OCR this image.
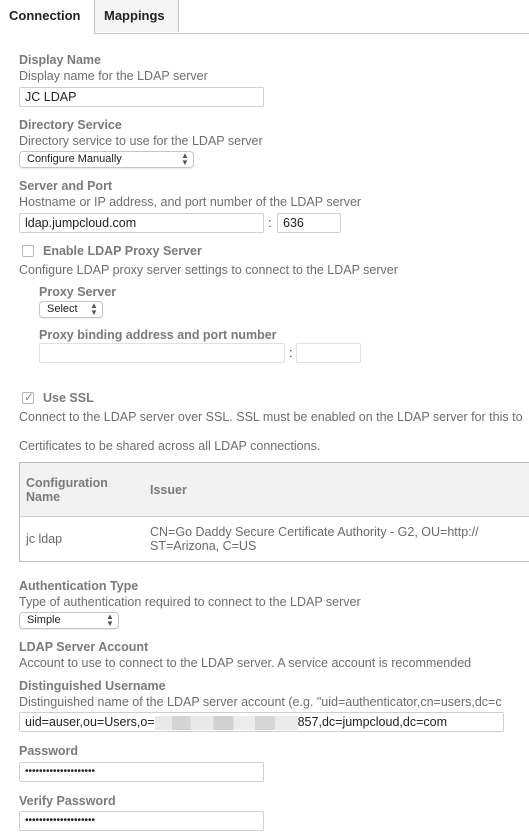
Connection	Mappings
Display Name
Display name for the LDAP server
JC LDAP
Directory Service
Directory service to use for the LDAP server
Configure Manually	▲
▼
Server and Port
Hostname or IP address, and port number of the LDAP server
ldap.jumpcloud.com	: 636
Enable LDAP Proxy Server
Configure LDAP proxy server settings to connect to the LDAP server
Proxy Server
Select ▲
▼
Proxy binding address and port number
:
✓ Use SSL
Connect to the LDAP server over SSL. SSL must be enabled on the LDAP server for this to
Certificates to be shared across all LDAP connections.
Configuration Name	Issuer
jc ldap	CN=Go Daddy Secure Certificate Authority - G2, OU=http://
ST=Arizona, C=US
Authentication Type
Type of authentication required to connect to the LDAP server
Simple	▲
▼
LDAP Server Account
Account to use to connect to the LDAP server. A service account is recommended
Distinguished Username
Distinguished name of the LDAP server account (e.g. "uid=authenticator,cn=users,dc=c
uid=auser,ou=Users,o=	857,dc=jumpcloud,dc=com
Password
••••••••••••••••••••
Verify Password
••••••••••••••••••••
